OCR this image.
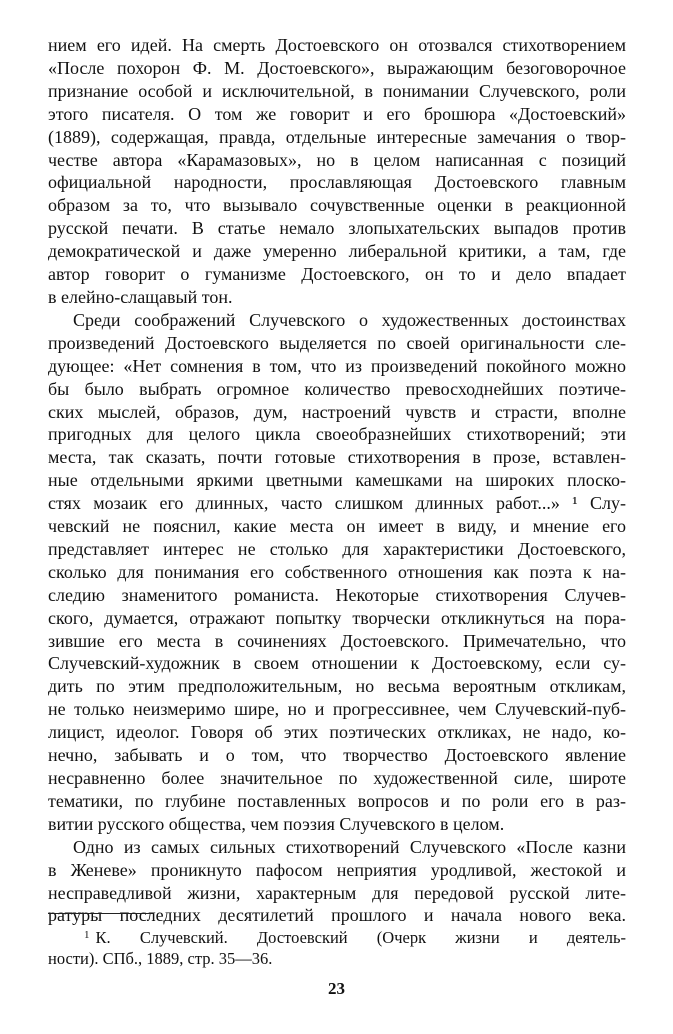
нием его идей. На смерть Достоевского он отозвался стихотворением

«После похорон Ф. М. Достоевского», выражающим безоговорочное

признание особой и исключительной, в понимании Случевского, роли

этого писателя. О том же говорит и его брошюра «Достоевский»

(1889), содержащая, правда, отдельные интересные замечания о твор-

честве автора «Карамазовых», но в целом написанная с позиций

официальной народности, прославляющая Достоевского главным

образом за то, что вызывало сочувственные оценки в реакционной

русской печати. В статье немало злопыхательских выпадов против

демократической и даже умеренно либеральной критики, а там, где

автор говорит о гуманизме Достоевского, он то и дело впадает

в елейно-слащавый тон.

Среди соображений Случевского о художественных достоинствах

произведений Достоевского выделяется по своей оригинальности сле-

дующее: «Нет сомнения в том, что из произведений покойного можно

бы было выбрать огромное количество превосходнейших поэтиче-

ских мыслей, образов, дум, настроений чувств и страсти, вполне

пригодных для целого цикла своеобразнейших стихотворений; эти

места, так сказать, почти готовые стихотворения в прозе, вставлен-

ные отдельными яркими цветными камешками на широких плоско-

стях мозаик его длинных, часто слишком длинных работ...» ¹ Слу-

чевский не пояснил, какие места он имеет в виду, и мнение его

представляет интерес не столько для характеристики Достоевского,

сколько для понимания его собственного отношения как поэта к на-

следию знаменитого романиста. Некоторые стихотворения Случев-

ского, думается, отражают попытку творчески откликнуться на пора-

зившие его места в сочинениях Достоевского. Примечательно, что

Случевский-художник в своем отношении к Достоевскому, если су-

дить по этим предположительным, но весьма вероятным откликам,

не только неизмеримо шире, но и прогрессивнее, чем Случевский-пуб-

лицист, идеолог. Говоря об этих поэтических откликах, не надо, ко-

нечно, забывать и о том, что творчество Достоевского явление

несравненно более значительное по художественной силе, широте

тематики, по глубине поставленных вопросов и по роли его в раз-

витии русского общества, чем поэзия Случевского в целом.

Одно из самых сильных стихотворений Случевского «После казни

в Женеве» проникнуто пафосом неприятия уродливой, жестокой и

несправедливой жизни, характерным для передовой русской лите-

ратуры последних десятилетий прошлого и начала нового века.

$^1$ К. Случевский. Достоевский (Очерк жизни и деятель-

ности). СПб., 1889, стр. 35—36.

23
